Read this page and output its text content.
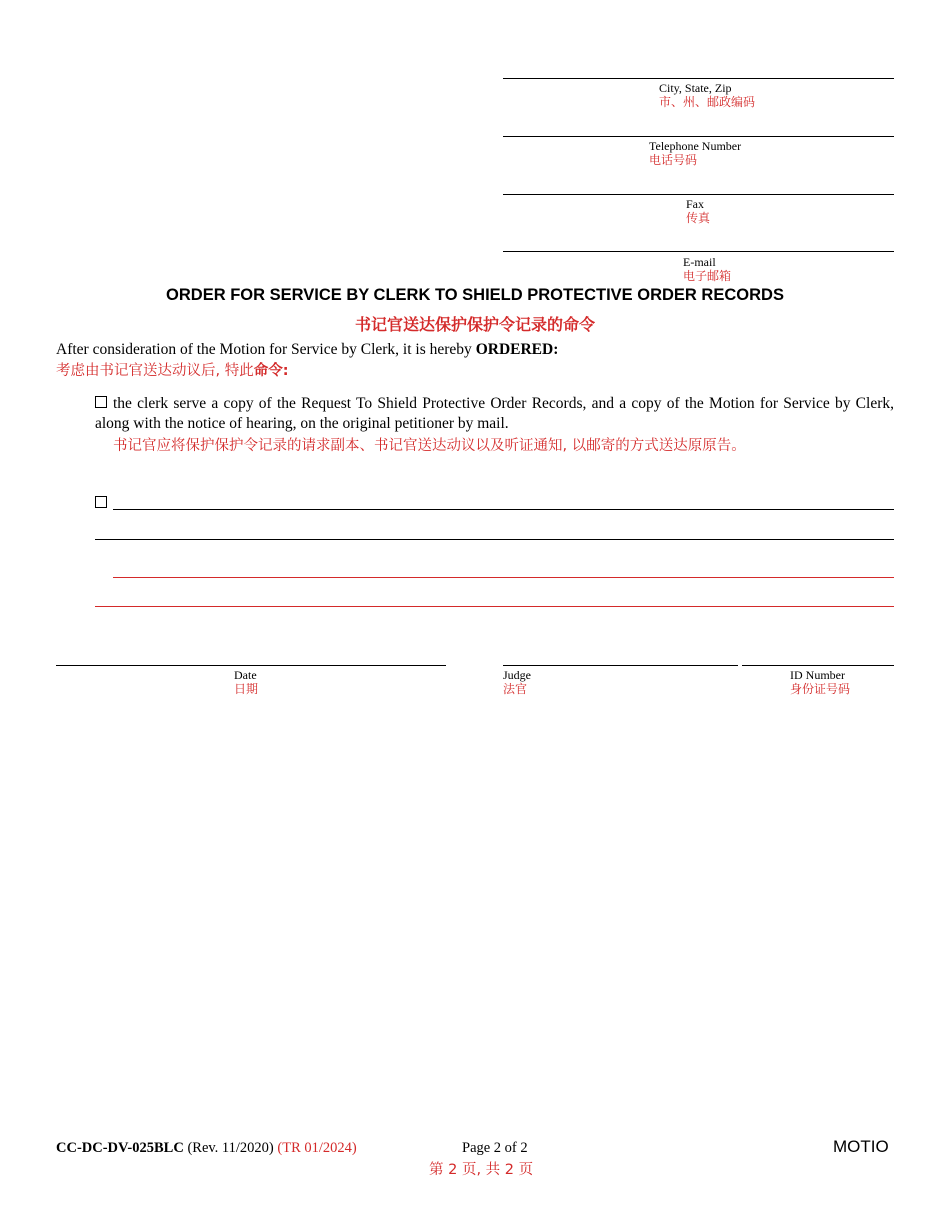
City, State, Zip
市、州、邮政编码
Telephone Number
电话号码
Fax
传真
E-mail
电子邮箱
ORDER FOR SERVICE BY CLERK TO SHIELD PROTECTIVE ORDER RECORDS
书记官送达保护保护令记录的命令
After consideration of the Motion for Service by Clerk, it is hereby ORDERED:
考虑由书记官送达动议后, 特此命令:
the clerk serve a copy of the Request To Shield Protective Order Records, and a copy of the Motion for Service by Clerk, along with the notice of hearing, on the original petitioner by mail.
书记官应将保护保护令记录的请求副本、书记官送达动议以及听证通知, 以邮寄的方式送达原原告。
Date
日期
Judge
法官
ID Number
身份证号码
CC-DC-DV-025BLC (Rev. 11/2020) (TR 01/2024)	Page 2 of 2
第 2 页, 共 2 页
MOTIO
